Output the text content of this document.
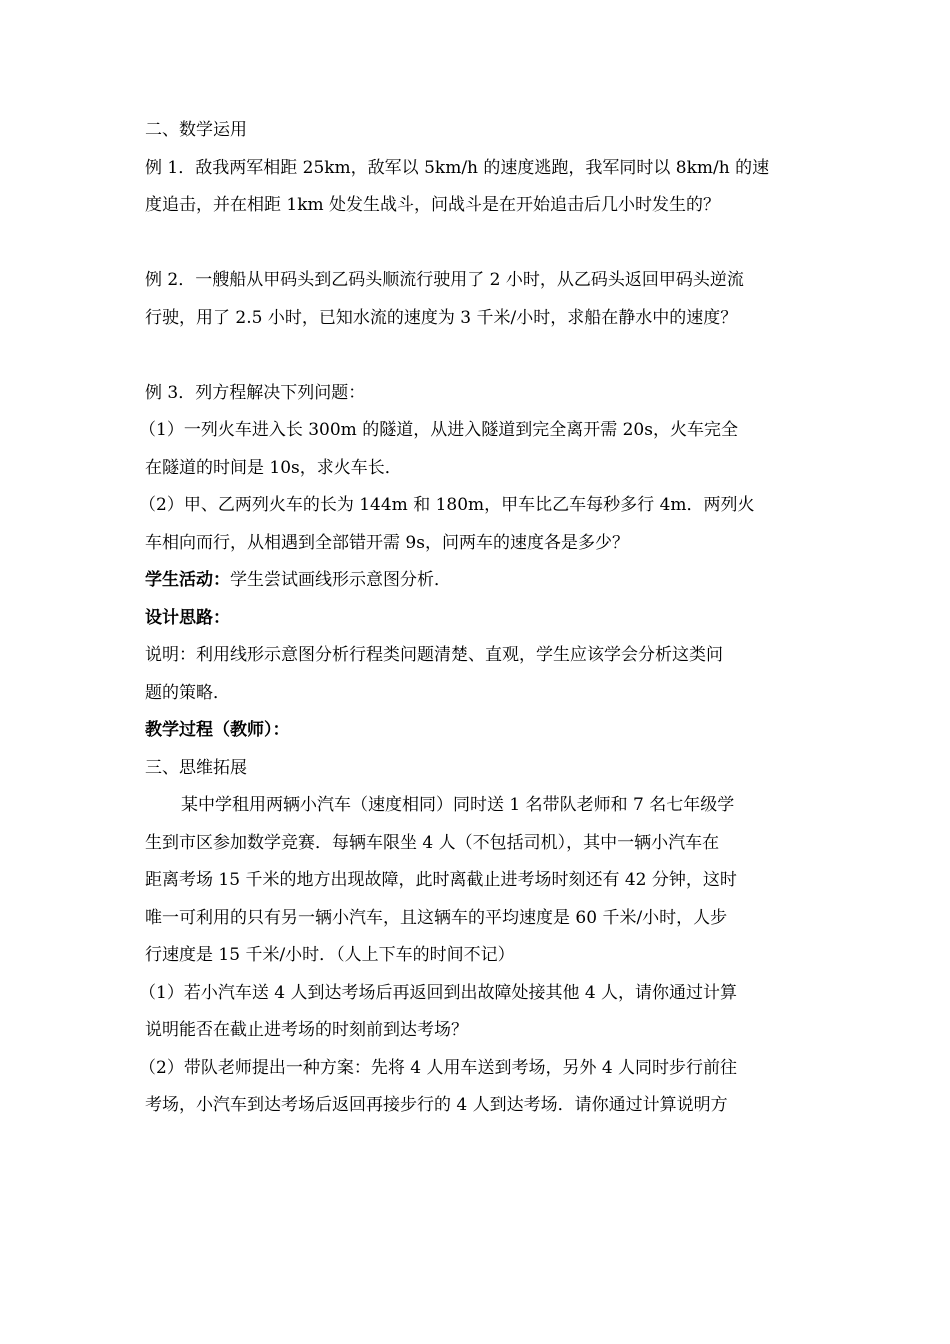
二、数学运用
例 1．敌我两军相距 25km，敌军以 5km/h 的速度逃跑，我军同时以 8km/h 的速
度追击，并在相距 1km 处发生战斗，问战斗是在开始追击后几小时发生的？
例 2．一艘船从甲码头到乙码头顺流行驶用了 2 小时，从乙码头返回甲码头逆流
行驶，用了 2.5 小时，已知水流的速度为 3 千米/小时，求船在静水中的速度？
例 3．列方程解决下列问题：
（1）一列火车进入长 300m 的隧道，从进入隧道到完全离开需 20s，火车完全
在隧道的时间是 10s，求火车长．
（2）甲、乙两列火车的长为 144m 和 180m，甲车比乙车每秒多行 4m．两列火
车相向而行，从相遇到全部错开需 9s，问两车的速度各是多少？
学生活动：学生尝试画线形示意图分析．
设计思路：
说明：利用线形示意图分析行程类问题清楚、直观，学生应该学会分析这类问
题的策略．
教学过程（教师）：
三、思维拓展
某中学租用两辆小汽车（速度相同）同时送 1 名带队老师和 7 名七年级学
生到市区参加数学竞赛．每辆车限坐 4 人（不包括司机），其中一辆小汽车在
距离考场 15 千米的地方出现故障，此时离截止进考场时刻还有 42 分钟，这时
唯一可利用的只有另一辆小汽车，且这辆车的平均速度是 60 千米/小时，人步
行速度是 15 千米/小时．（人上下车的时间不记）
（1）若小汽车送 4 人到达考场后再返回到出故障处接其他 4 人，请你通过计算
说明能否在截止进考场的时刻前到达考场？
（2）带队老师提出一种方案：先将 4 人用车送到考场，另外 4 人同时步行前往
考场，小汽车到达考场后返回再接步行的 4 人到达考场．请你通过计算说明方
